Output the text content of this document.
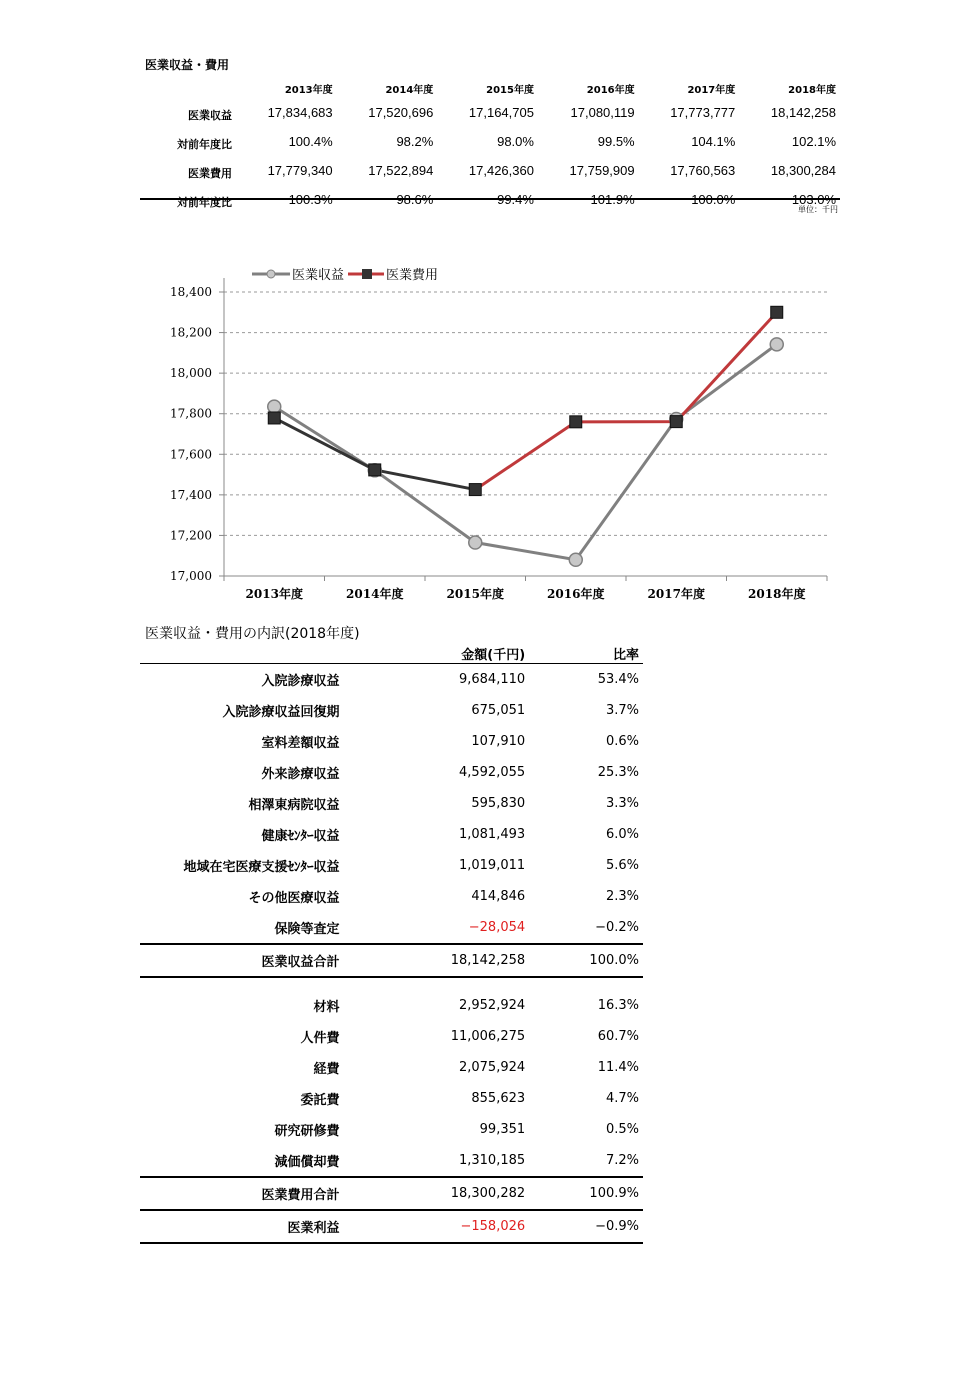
医業収益・費用
	2013年度	2014年度	2015年度	2016年度	2017年度	2018年度
医業収益	17,834,683	17,520,696	17,164,705	17,080,119	17,773,777	18,142,258
対前年度比	100.4%	98.2%	98.0%	99.5%	104.1%	102.1%
医業費用	17,779,340	17,522,894	17,426,360	17,759,909	17,760,563	18,300,284
対前年度比	100.3%	98.6%	99.4%	101.9%	100.0%	103.0%
単位：千円
17,000
17,200
17,400
17,600
17,800
18,000
18,200
18,400
2013年度	2014年度	2015年度	2016年度	2017年度	2018年度
医業収益	医業費用
医業収益・費用の内訳(2018年度)
	金額(千円)	比率
入院診療収益	9,684,110	53.4%
入院診療収益回復期	675,051	3.7%
室料差額収益	107,910	0.6%
外来診療収益	4,592,055	25.3%
相澤東病院収益	595,830	3.3%
健康ｾﾝﾀｰ収益	1,081,493	6.0%
地域在宅医療支援ｾﾝﾀｰ収益	1,019,011	5.6%
その他医療収益	414,846	2.3%
保険等査定	−28,054	−0.2%
医業収益合計	18,142,258	100.0%

材料	2,952,924	16.3%
人件費	11,006,275	60.7%
経費	2,075,924	11.4%
委託費	855,623	4.7%
研究研修費	99,351	0.5%
減価償却費	1,310,185	7.2%
医業費用合計	18,300,282	100.9%
医業利益	−158,026	−0.9%
